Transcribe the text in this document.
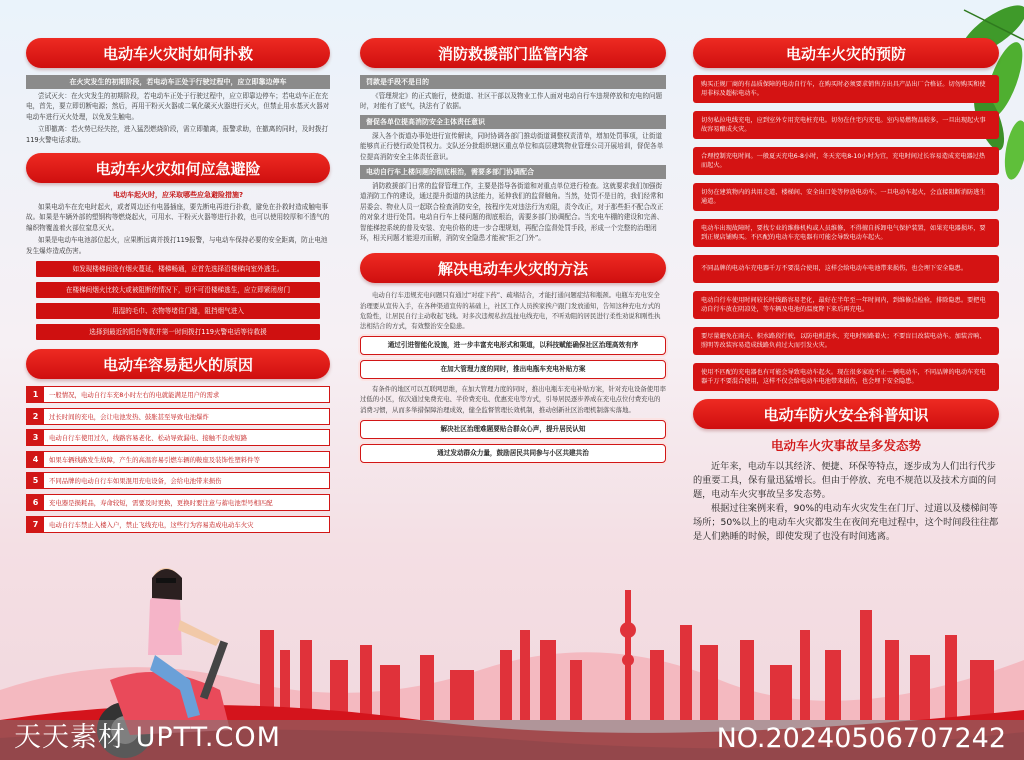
电动车火灾时如何扑救
在火灾发生的初期阶段，若电动车正处于行驶过程中，应立即靠边停车

尝试灭火：在火灾发生的初期阶段，若电动车正处于行驶过程中，应立即靠边停车；若电动车正在充电，首先，要立即切断电源；然后，再用干粉灭火器或二氧化碳灭火器进行灭火，但禁止用水基灭火器对电动车进行灭火处理，以免发生触电。

立即撤离：若火势已经失控，进入猛烈燃烧阶段，需立即撤离，报警求助，在撤离的同时，及时拨打119火警电话求助。

电动车火灾如何应急避险
电动车起火时，应采取哪些应急避险措施?

如果电动车在充电时起火，或者周边还有电器插座，要先断电再进行扑救，避免在扑救时造成触电事故。如果是车辆外部的塑钢构等燃烧起火，可用水、干粉灭火器等进行扑救，也可以使用较厚和不透气的编织物覆盖着火部位窒息灭火。

如果是电动车电池部位起火，应果断远离并拨打119报警，与电动车保持必要的安全距离，防止电池发生爆炸造成伤害。

如发现楼梯间没有烟火蔓延，楼梯畅通，应首先选择沿楼梯向室外逃生。
在楼梯间烟火比较大或被阻断的情况下，切不可沿楼梯逃生，应立即紧闭房门
用湿的毛巾、衣物等堵住门缝，阻挡烟气进入
选择到最近的阳台等救并第一时间拨打119火警电话等待救援
电动车容易起火的原因
1	一般情况，电动自行车充8小时左右的电就能满足用户的需求
2	过长时间的充电，会让电池发热、鼓胀甚至导致电池爆炸
3	电动自行车使用过久，线路容易老化、松动导致漏电、接触不良或短路
4	如果车辆线路发生故障，产生的高温容易引燃车辆的鞍座及装饰性塑料件等
5	不同品牌的电动自行车如果混用充电设备，会给电池带来损伤
6	充电器是损耗品，寿命较短，需要及时更换，更换时要注意与蓄电池型号相匹配
7	电动自行车禁止入楼入户，禁止飞线充电，这些行为容易造成电动车火灾
消防救援部门监管内容
罚款是手段不是目的

《管理规定》的正式施行，使街道、社区干部以及物业工作人面对电动自行车违规停放和充电的问题时，对能有了底气，执法有了依据。

督促各单位提高消防安全主体责任意识

深入各个街道办事处进行宣传解读，同时协调各部门推动街道调整权责清单，增加处罚事项，让街道能够真正行使行政处罚权力。支队还分批组织辖区重点单位和高层建筑物业管理公司开展培训，督促各单位提高消防安全主体责任意识。

电动自行车上楼问题的彻底根治，需要多部门协调配合

消防救援部门日常的监督管理工作，主要是指导各街道和对重点单位进行检查。这就要求我们加强街道消防工作的建设，通过提升街道的执法能力，延伸我们的监督触角。当然，处罚不是目的，我们经常和居委会、物业人员一起联合检查消防安全，按程序先对违法行为劝阻，责令改正，对于那些拒不配合改正的对象才进行处罚。电动自行车上楼问题的彻底根治，需要多部门协调配合。当充电车棚的建设和完善、智能梯控系统的普及安装、充电价格的进一步合理规划，再配合监督处罚手段，形成一个完整的治理闭环，相关问题才能迎刃而解，消防安全隐患才能被“拒之门外”。

解决电动车火灾的方法

电动自行车违规充电问题只有通过“对症下药”、疏堵结合，才能打通问题症结和瓶颈。电瓶车充电安全治理要从宣传入手，在各种渠道宣传的基础上，社区工作人员挨家挨户跟门发放通知，告知这种充电方式的危险性，让居民自行主动收起飞线。对多次违规私拉乱扯电线充电，不听劝阻的居民进行柔性劝说和刚性执法相结合的方式，有效整治安全隐患。

通过引进智能化设施，进一步丰富充电形式和渠道，以科技赋能确保社区治理高效有序
在加大管理力度的同时，推出电瓶车充电补贴方案

有条件的地区可以互联网思维，在加大管理力度的同时，推出电瓶车充电补贴方案，针对充电设备使用率过低的小区，依次通过免费充电、半价费充电、优惠充电等方式，引导居民逐步养成在充电点位付费充电的消费习惯，从而多举措保障治理成效，健全监督管理长效机制，推动创新社区治理机制落实落地。

解决社区治理难题要贴合群众心声，提升居民认知
通过发动群众力量，鼓励居民共同参与小区共建共治
电动车火灾的预防
购买正规厂商的有品质保障的电动自行车，在购买时必须要求销售方出具产品出厂合格证。切勿购买和使用非标及超标电动车。
切勿私拉电线充电，应到室外专用充电桩充电。切勿在住宅内充电。室内易燃物品较多，一旦出现起火事故容易酿成火灾。
合理控制充电时间。一般夏天充电6-8小时，冬天充电8-10小时为宜，充电时间过长容易造成充电器过热而起火。
切勿在建筑物内的共用走道、楼梯间、安全出口处等停放电动车。一旦电动车起火，会直接阻断消防逃生通道。
电动车出现故障时，要找专业的维修机构或人员维修，不得擅自拆卸电气保护装置，如果充电器损坏，要到正规店铺购买。不匹配的电动车充电器有可能会导致电动车起火。
不同品牌的电动车充电器千万不要混合使用，这样会给电动车电池带来损伤，也会埋下安全隐患。
电动自行车使用时间较长时线路容易老化，最好在半年至一年时间内，到维修点检验，排除隐患。要把电动自行车放在阴凉处，等车辆及电池的温度降下来后再充电。
要尽量避免在雨天、积水路段行驶，以防电机进水，充电时短路着火；不要盲目改装电动车。加装音响、照明等改装容易造成线路负荷过大而引发火灾。
使用不匹配的充电器也有可能会导致电动车起火。现在很多家庭不止一辆电动车，不同品牌的电动车充电器千万不要混合使用，这样不仅会给电动车电池带来损伤，也会埋下安全隐患。
电动车防火安全科普知识
电动车火灾事故呈多发态势

近年来，电动车以其经济、便捷、环保等特点，逐步成为人们出行代步的重要工具，保有量迅猛增长。但由于停放、充电不规范以及技术方面的问题，电动车火灾事故呈多发态势。

根据过往案例来看，90%的电动车火灾发生在门厅、过道以及楼梯间等场所；50%以上的电动车火灾都发生在夜间充电过程中，这个时间段往往都是人们熟睡的时候，即使发现了也没有时间逃离。

天天素材 UPTT.COM	NO.20240506707242
